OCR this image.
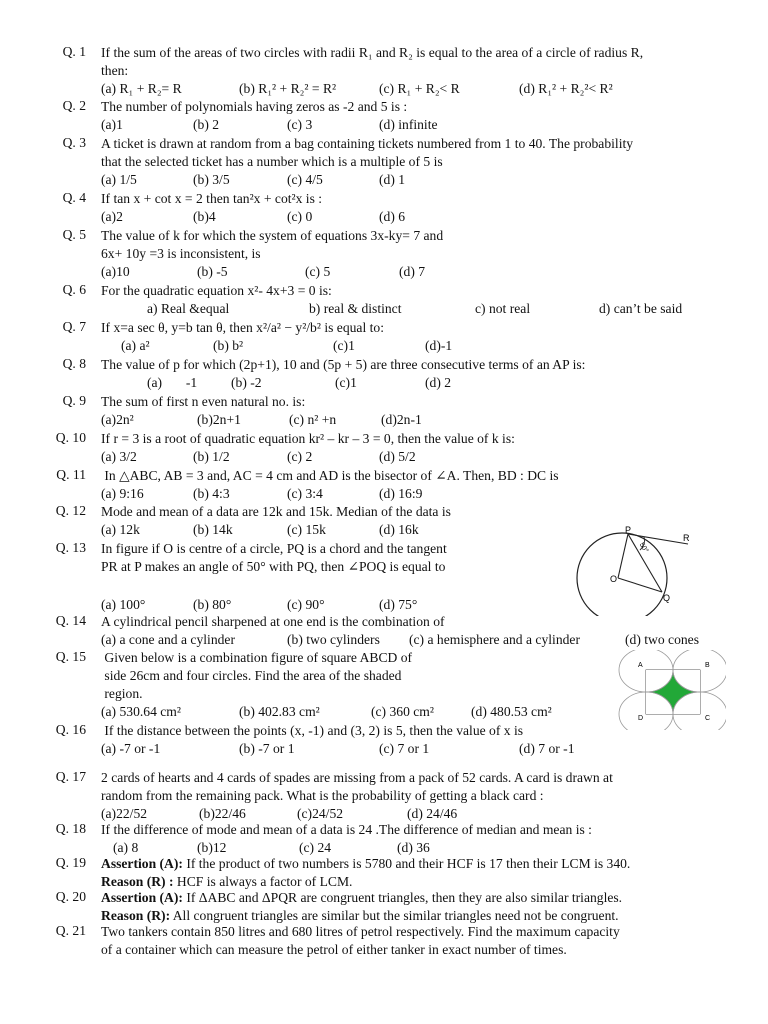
Q. 1 If the sum of the areas of two circles with radii R₁ and R₂ is equal to the area of a circle of radius R,
then:
(a) R₁ + R₂= R	(b) R₁² + R₂² = R²	(c) R₁ + R₂< R	(d) R₁² + R₂²< R²
Q. 2 The number of polynomials having zeros as -2 and 5 is :
(a)1	(b) 2	(c) 3	(d) infinite
Q. 3 A ticket is drawn at random from a bag containing tickets numbered from 1 to 40. The probability
that the selected ticket has a number which is a multiple of 5 is
(a) 1/5	(b) 3/5	(c) 4/5	(d) 1
Q. 4 If tan x + cot x = 2 then tan²x + cot²x is :
(a)2	(b)4	(c) 0	(d) 6
Q. 5 The value of k for which the system of equations 3x-ky= 7 and
6x+ 10y =3 is inconsistent, is
(a)10	(b) -5	(c) 5	(d) 7
Q. 6 For the quadratic equation x²- 4x+3 = 0 is:
a) Real &equal	b) real & distinct	c) not real	d) can’t be said
Q. 7 If x=a sec θ, y=b tan θ, then x²/a² − y²/b² is equal to:
(a) a²	(b) b²	(c)1	(d)-1
Q. 8 The value of p for which (2p+1), 10 and (5p + 5) are three consecutive terms of an AP is:
(a)       -1 (b) -2	(c)1	(d) 2
Q. 9 The sum of first n even natural no. is:
(a)2n²	(b)2n+1	(c) n² +n	(d)2n-1
Q. 10 If r = 3 is a root of quadratic equation kr² – kr – 3 = 0, then the value of k is:
(a) 3/2	(b) 1/2	(c) 2	(d) 5/2
Q. 11 In △ABC, AB = 3 and, AC = 4 cm and AD is the bisector of ∠A. Then, BD : DC is
(a) 9:16	(b) 4:3	(c) 3:4	(d) 16:9
Q. 12 Mode and mean of a data are 12k and 15k. Median of the data is
(a) 12k	(b) 14k	(c) 15k	(d) 16k
Q. 13 In figure if O is centre of a circle, PQ is a chord and the tangent
PR at P makes an angle of 50° with PQ, then ∠POQ is equal to
(a) 100°	(b) 80°	(c) 90°	(d) 75°
P
R
O
Q
50°
Q. 14 A cylindrical pencil sharpened at one end is the combination of
(a) a cone and a cylinder	(b) two cylinders (c) a hemisphere and a cylinder	(d) two cones
Q. 15 Given below is a combination figure of square ABCD of
side 26cm and four circles. Find the area of the shaded
region.
(a) 530.64 cm²	(b) 402.83 cm²	(c) 360 cm²	(d) 480.53 cm²
A	B
D	C
Q. 16 If the distance between the points (x, -1) and (3, 2) is 5, then the value of x is
(a) -7 or -1	(b) -7 or 1	(c) 7 or 1	(d) 7 or -1
Q. 17 2 cards of hearts and 4 cards of spades are missing from a pack of 52 cards. A card is drawn at
random from the remaining pack. What is the probability of getting a black card :
(a)22/52	(b)22/46	(c)24/52	(d) 24/46
Q. 18 If the difference of mode and mean of a data is 24 .The difference of median and mean is :
(a) 8	(b)12	(c) 24	(d) 36
Q. 19 Assertion (A): If the product of two numbers is 5780 and their HCF is 17 then their LCM is 340.
Reason (R) : HCF is always a factor of LCM.
Q. 20 Assertion (A): If ΔABC and ΔPQR are congruent triangles, then they are also similar triangles.
Reason (R): All congruent triangles are similar but the similar triangles need not be congruent.
Q. 21 Two tankers contain 850 litres and 680 litres of petrol respectively. Find the maximum capacity
of a container which can measure the petrol of either tanker in exact number of times.
